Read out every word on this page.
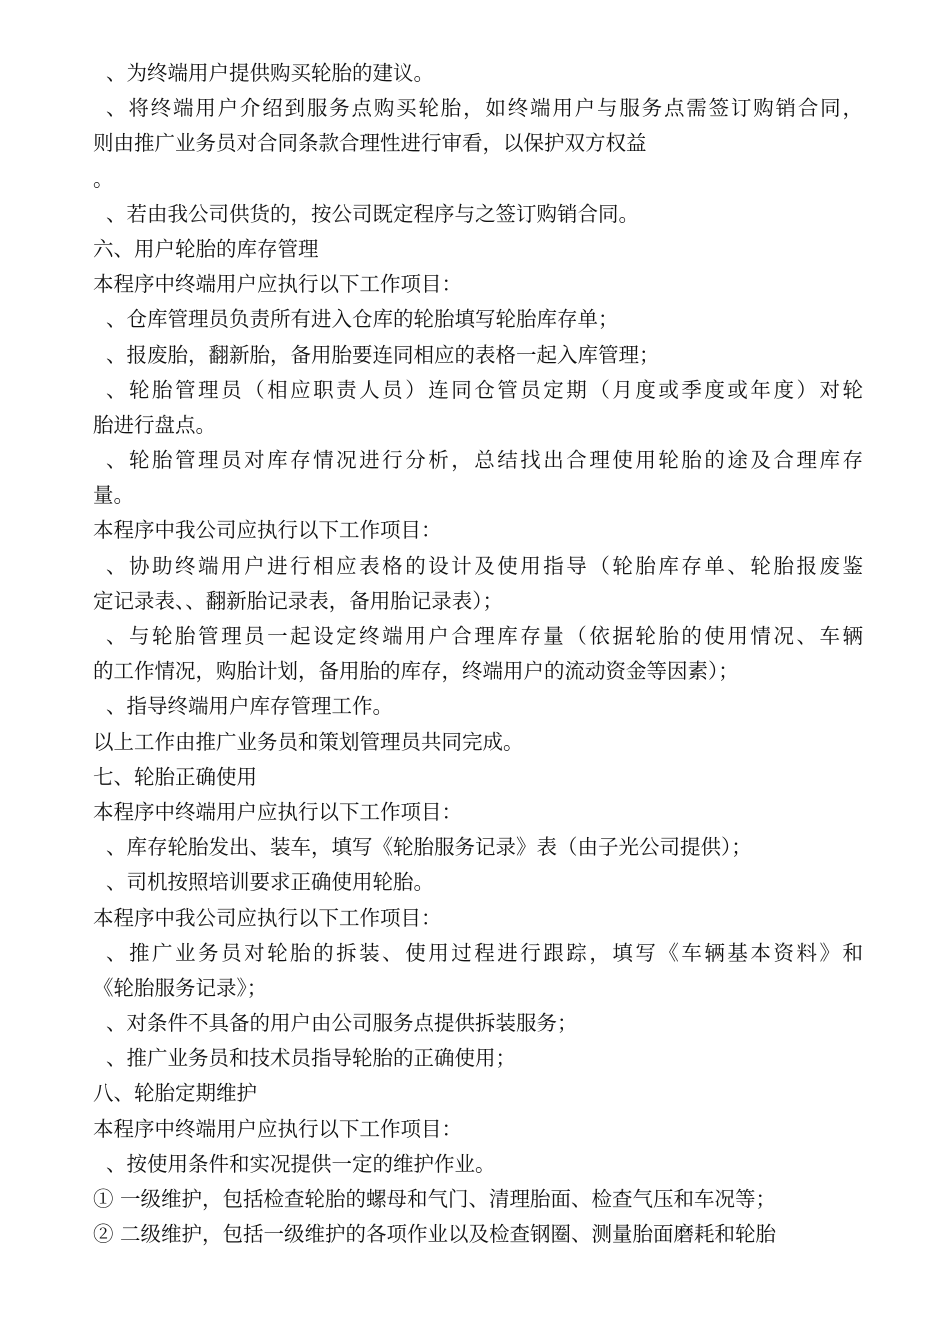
、为终端用户提供购买轮胎的建议。
、将终端用户介绍到服务点购买轮胎，如终端用户与服务点需签订购销合同，
则由推广业务员对合同条款合理性进行审看，以保护双方权益
。
、若由我公司供货的，按公司既定程序与之签订购销合同。
六、用户轮胎的库存管理
本程序中终端用户应执行以下工作项目：
、仓库管理员负责所有进入仓库的轮胎填写轮胎库存单；
、报废胎，翻新胎，备用胎要连同相应的表格一起入库管理；
、轮胎管理员（相应职责人员）连同仓管员定期（月度或季度或年度）对轮
胎进行盘点。
、轮胎管理员对库存情况进行分析，总结找出合理使用轮胎的途及合理库存
量。
本程序中我公司应执行以下工作项目：
、协助终端用户进行相应表格的设计及使用指导（轮胎库存单、轮胎报废鉴
定记录表、、翻新胎记录表，备用胎记录表）；
、与轮胎管理员一起设定终端用户合理库存量（依据轮胎的使用情况、车辆
的工作情况，购胎计划，备用胎的库存，终端用户的流动资金等因素）；
、指导终端用户库存管理工作。
以上工作由推广业务员和策划管理员共同完成。
七、轮胎正确使用
本程序中终端用户应执行以下工作项目：
、库存轮胎发出、装车，填写《轮胎服务记录》表（由子光公司提供）；
、司机按照培训要求正确使用轮胎。
本程序中我公司应执行以下工作项目：
、推广业务员对轮胎的拆装、使用过程进行跟踪，填写《车辆基本资料》和
《轮胎服务记录》；
、对条件不具备的用户由公司服务点提供拆装服务；
、推广业务员和技术员指导轮胎的正确使用；
八、轮胎定期维护
本程序中终端用户应执行以下工作项目：
、按使用条件和实况提供一定的维护作业。
① 一级维护，包括检查轮胎的螺母和气门、清理胎面、检查气压和车况等；
② 二级维护，包括一级维护的各项作业以及检查钢圈、测量胎面磨耗和轮胎
